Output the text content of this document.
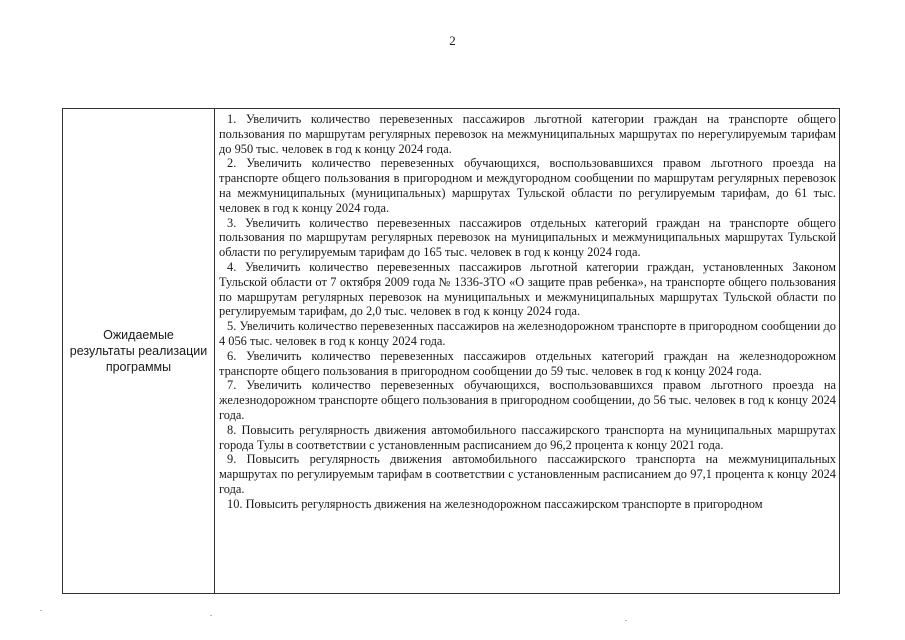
2
Ожидаемые
результаты реализации
программы

1. Увеличить количество перевезенных пассажиров льготной категории граждан на транспорте общего пользования по маршрутам регулярных перевозок на межмуниципальных маршрутах по нерегулируемым тарифам до 950 тыс. человек в год к концу 2024 года.

2. Увеличить количество перевезенных обучающихся, воспользовавшихся правом льготного проезда на транспорте общего пользования в пригородном и междугородном сообщении по маршрутам регулярных перевозок на межмуниципальных (муниципальных) маршрутах Тульской области по регулируемым тарифам, до 61 тыс. человек в год к концу 2024 года.

3. Увеличить количество перевезенных пассажиров отдельных категорий граждан на транспорте общего пользования по маршрутам регулярных перевозок на муниципальных и межмуниципальных маршрутах Тульской области по регулируемым тарифам до 165 тыс. человек в год к концу 2024 года.

4. Увеличить количество перевезенных пассажиров льготной категории граждан, установленных Законом Тульской области от 7 октября 2009 года № 1336-ЗТО «О защите прав ребенка», на транспорте общего пользования по маршрутам регулярных перевозок на муниципальных и межмуниципальных маршрутах Тульской области по регулируемым тарифам, до 2,0 тыс. человек в год к концу 2024 года.

5. Увеличить количество перевезенных пассажиров на железнодорожном транспорте в пригородном сообщении до 4 056 тыс. человек в год к концу 2024 года.

6. Увеличить количество перевезенных пассажиров отдельных категорий граждан на железнодорожном транспорте общего пользования в пригородном сообщении до 59 тыс. человек в год к концу 2024 года.

7. Увеличить количество перевезенных обучающихся, воспользовавшихся правом льготного проезда на железнодорожном транспорте общего пользования в пригородном сообщении, до 56 тыс. человек в год к концу 2024 года.

8. Повысить регулярность движения автомобильного пассажирского транспорта на муниципальных маршрутах города Тулы в соответствии с установленным расписанием до 96,2 процента к концу 2021 года.

9. Повысить регулярность движения автомобильного пассажирского транспорта на межмуниципальных маршрутах по регулируемым тарифам в соответствии с установленным расписанием до 97,1 процента к концу 2024 года.

10. Повысить регулярность движения на железнодорожном пассажирском транспорте в пригородном
